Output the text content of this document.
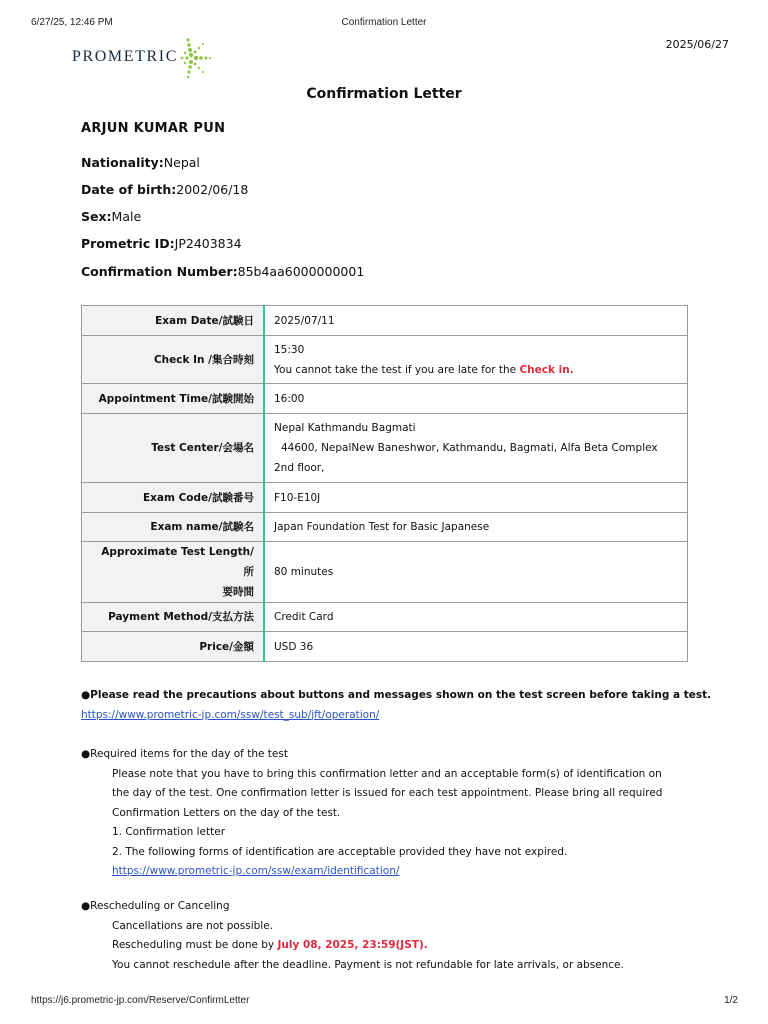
6/27/25, 12:46 PM	Confirmation Letter
PROMETRIC
2025/06/27
Confirmation Letter
ARJUN KUMAR PUN
Nationality:Nepal
Date of birth:2002/06/18
Sex:Male
Prometric ID:JP2403834
Confirmation Number:85b4aa6000000001
Exam Date/試験日	2025/07/11
Check In /集合時刻	15:30
You cannot take the test if you are late for the Check in.

Appointment Time/試験開始	16:00
Test Center/会場名	Nepal Kathmandu Bagmati
44600, NepalNew Baneshwor, Kathmandu, Bagmati, Alfa Beta Complex
2nd floor,

Exam Code/試験番号	F10-E10J
Exam name/試験名	Japan Foundation Test for Basic Japanese

Approximate Test Length/所
要時間	80 minutes
Payment Method/支払方法	Credit Card
Price/金額	USD 36
●Please read the precautions about buttons and messages shown on the test screen before taking a test.
https://www.prometric-jp.com/ssw/test_sub/jft/operation/
●Required items for the day of the test
Please note that you have to bring this confirmation letter and an acceptable form(s) of identification on
the day of the test. One confirmation letter is issued for each test appointment. Please bring all required
Confirmation Letters on the day of the test.
1. Confirmation letter
2. The following forms of identification are acceptable provided they have not expired.
https://www.prometric-jp.com/ssw/exam/identification/
●Rescheduling or Canceling
Cancellations are not possible.
Rescheduling must be done by July 08, 2025, 23:59(JST).
You cannot reschedule after the deadline. Payment is not refundable for late arrivals, or absence.
https://j6.prometric-jp.com/Reserve/ConfirmLetter	1/2
